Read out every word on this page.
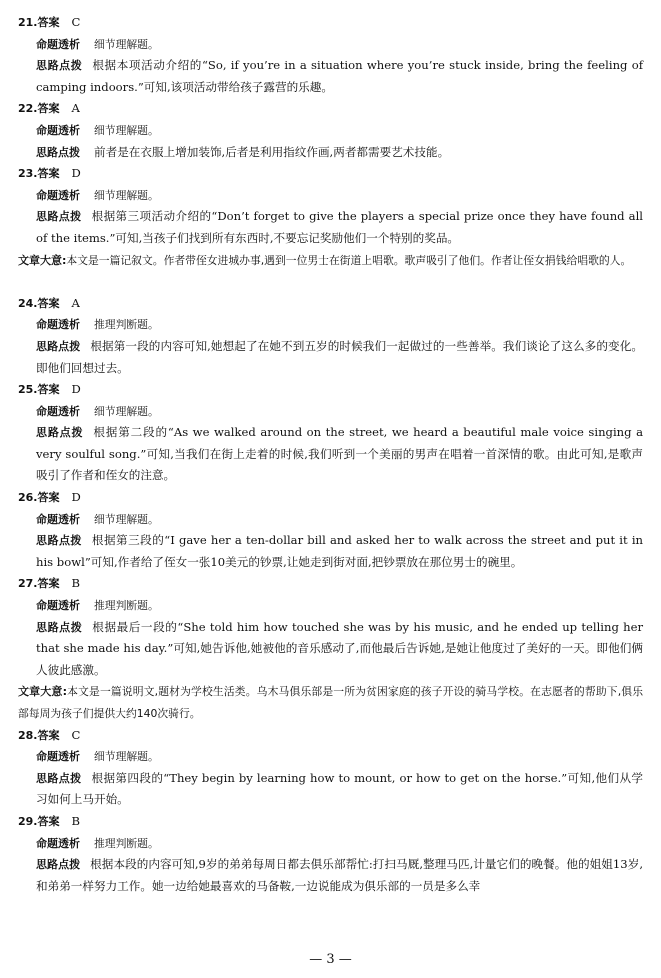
21.答案 C
命题透析 细节理解题。
思路点拨 根据本项活动介绍的“So, if you’re in a situation where you’re stuck inside, bring the feeling of camping indoors.”可知,该项活动带给孩子露营的乐趣。
22.答案 A
命题透析 细节理解题。
思路点拨 前者是在衣服上增加装饰,后者是利用指纹作画,两者都需要艺术技能。
23.答案 D
命题透析 细节理解题。
思路点拨 根据第三项活动介绍的“Don’t forget to give the players a special prize once they have found all of the items.”可知,当孩子们找到所有东西时,不要忘记奖励他们一个特别的奖品。
文章大意:本文是一篇记叙文。作者带侄女进城办事,遇到一位男士在街道上唱歌。歌声吸引了他们。作者让侄女捐钱给唱歌的人。
24.答案 A
命题透析 推理判断题。
思路点拨 根据第一段的内容可知,她想起了在她不到五岁的时候我们一起做过的一些善举。我们谈论了这么多的变化。即他们回想过去。
25.答案 D
命题透析 细节理解题。
思路点拨 根据第二段的“As we walked around on the street, we heard a beautiful male voice singing a very soulful song.”可知,当我们在街上走着的时候,我们听到一个美丽的男声在唱着一首深情的歌。由此可知,是歌声吸引了作者和侄女的注意。
26.答案 D
命题透析 细节理解题。
思路点拨 根据第三段的“I gave her a ten-dollar bill and asked her to walk across the street and put it in his bowl”可知,作者给了侄女一张10美元的钞票,让她走到街对面,把钞票放在那位男士的碗里。
27.答案 B
命题透析 推理判断题。
思路点拨 根据最后一段的“She told him how touched she was by his music, and he ended up telling her that she made his day.”可知,她告诉他,她被他的音乐感动了,而他最后告诉她,是她让他度过了美好的一天。即他们俩人彼此感激。
文章大意:本文是一篇说明文,题材为学校生活类。乌木马俱乐部是一所为贫困家庭的孩子开设的骑马学校。在志愿者的帮助下,俱乐部每周为孩子们提供大约140次骑行。
28.答案 C
命题透析 细节理解题。
思路点拨 根据第四段的“They begin by learning how to mount, or how to get on the horse.”可知,他们从学习如何上马开始。
29.答案 B
命题透析 推理判断题。
思路点拨 根据本段的内容可知,9岁的弟弟每周日都去俱乐部帮忙:打扫马厩,整理马匹,计量它们的晚餐。他的姐姐13岁,和弟弟一样努力工作。她一边给她最喜欢的马备鞍,一边说能成为俱乐部的一员是多么幸
— 3 —
